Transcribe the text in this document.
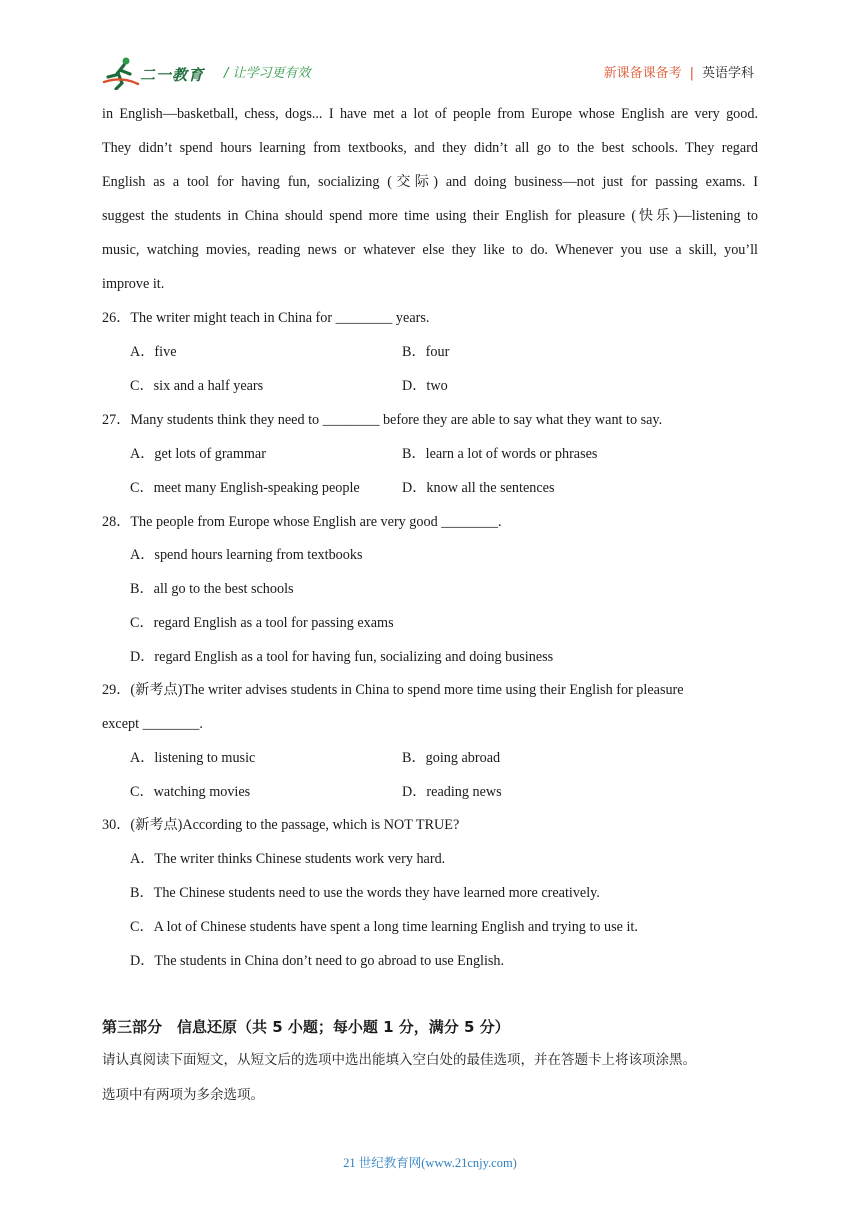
二一教育 / 让学习更有效	新课备课备考 | 英语学科
in English—basketball, chess, dogs... I have met a lot of people from Europe whose English are very good.
They didn’t spend hours learning from textbooks, and they didn’t all go to the best schools. They regard
English as a tool for having fun, socializing (交际) and doing business—not just for passing exams. I
suggest the students in China should spend more time using their English for pleasure (快乐)—listening to
music, watching movies, reading news or whatever else they like to do. Whenever you use a skill, you’ll
improve it.
26．The writer might teach in China for ________ years.
A．five	B．four
C．six and a half years	D．two
27．Many students think they need to ________ before they are able to say what they want to say.
A．get lots of grammar	B．learn a lot of words or phrases
C．meet many English-speaking people	D．know all the sentences
28．The people from Europe whose English are very good ________.
A．spend hours learning from textbooks
B．all go to the best schools
C．regard English as a tool for passing exams
D．regard English as a tool for having fun, socializing and doing business
29．(新考点)The writer advises students in China to spend more time using their English for pleasure
except ________.
A．listening to music	B．going abroad
C．watching movies	D．reading news
30．(新考点)According to the passage, which is NOT TRUE?
A．The writer thinks Chinese students work very hard.
B．The Chinese students need to use the words they have learned more creatively.
C．A lot of Chinese students have spent a long time learning English and trying to use it.
D．The students in China don’t need to go abroad to use English.
第三部分　信息还原（共 5 小题；每小题 1 分，满分 5 分）
请认真阅读下面短文，从短文后的选项中选出能填入空白处的最佳选项，并在答题卡上将该项涂黑。
选项中有两项为多余选项。
21 世纪教育网(www.21cnjy.com)
